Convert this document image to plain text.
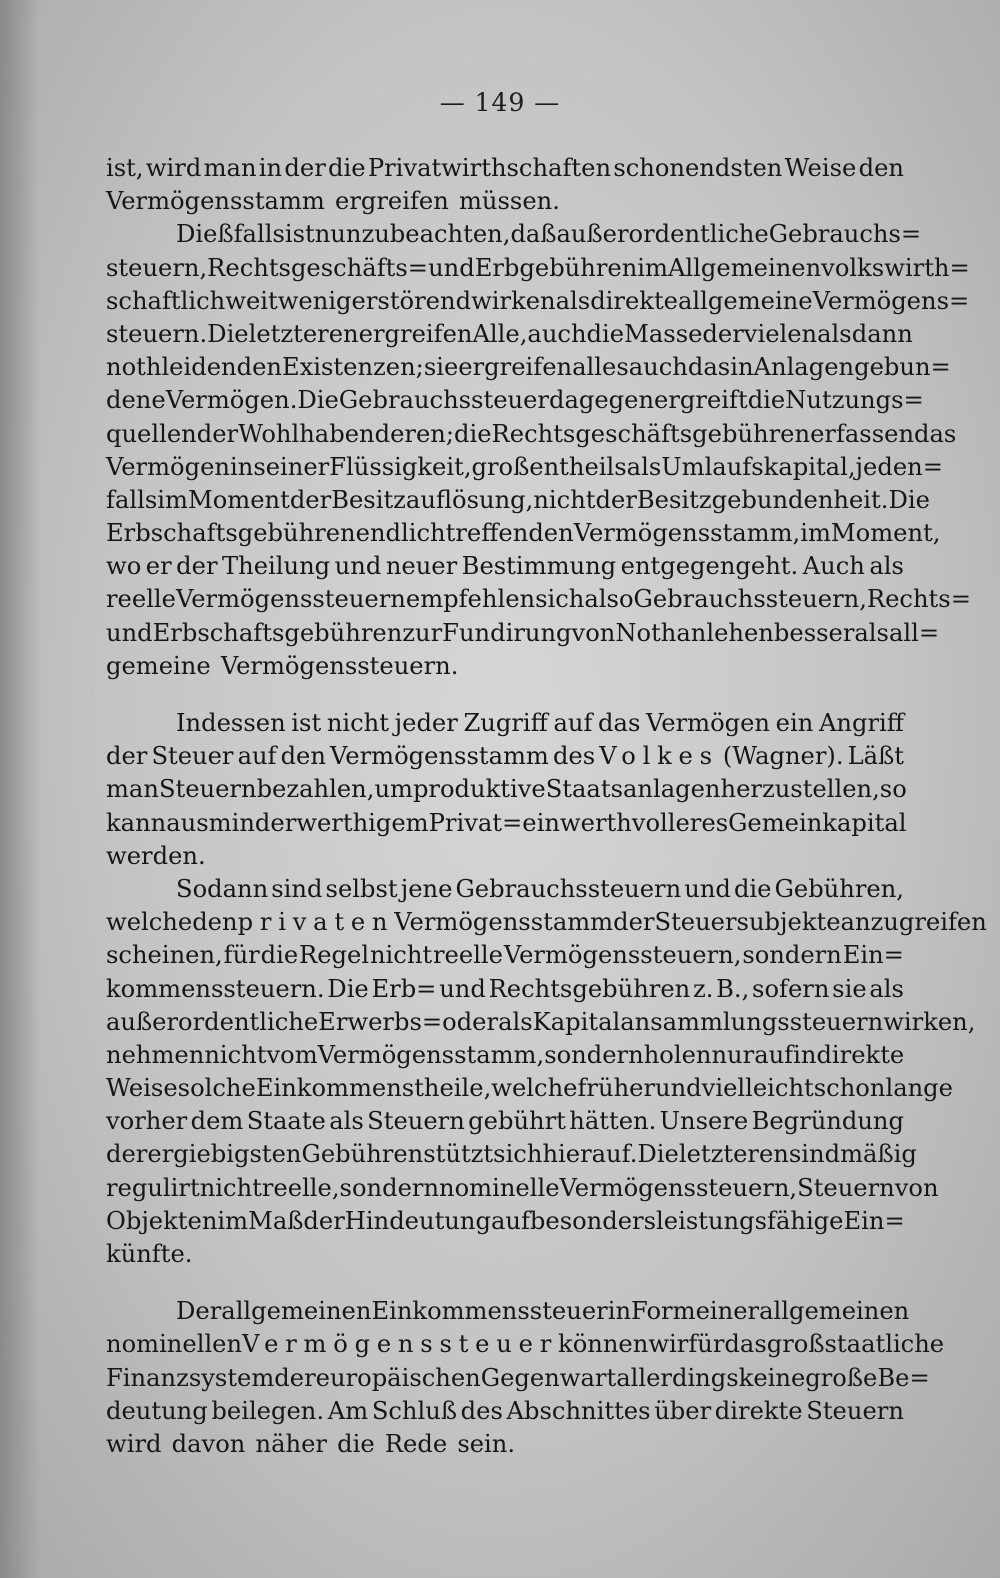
— 149 —
ist, wird man in der die Privatwirthschaften schonendsten Weise den
Vermögensstamm ergreifen müssen.
Dießfalls ist nun zu beachten, daß außerordentliche Gebrauchs=
steuern, Rechtsgeschäfts= und Erbgebühren im Allgemeinen volkswirth=
schaftlich weit weniger störend wirken als direkte allgemeine Vermögens=
steuern. Die letzteren ergreifen Alle, auch die Masse der vielen alsdann
nothleidenden Existenzen; sie ergreifen alles auch das in Anlagen gebun=
dene Vermögen. Die Gebrauchssteuer dagegen ergreift die Nutzungs=
quellen der Wohlhabenderen; die Rechtsgeschäftsgebühren erfassen das
Vermögen in seiner Flüssigkeit, großentheils als Umlaufskapital, jeden=
falls im Moment der Besitzauflösung, nicht der Besitzgebundenheit. Die
Erbschaftsgebühren endlich treffen den Vermögensstamm, im Moment,
wo er der Theilung und neuer Bestimmung entgegengeht. Auch als
reelle Vermögenssteuern empfehlen sich also Gebrauchssteuern, Rechts=
und Erbschaftsgebühren zur Fundirung von Nothanlehen besser als all=
gemeine Vermögenssteuern.
Indessen ist nicht jeder Zugriff auf das Vermögen ein Angriff
der Steuer auf den Vermögensstamm des Volkes (Wagner). Läßt
man Steuern bezahlen, um produktive Staatsanlagen herzustellen, so
kann aus minderwerthigem Privat= ein werthvolleres Gemeinkapital
werden.
Sodann sind selbst jene Gebrauchssteuern und die Gebühren,
welche den privaten Vermögensstamm der Steuersubjekte anzugreifen
scheinen, für die Regel nicht reelle Vermögenssteuern, sondern Ein=
kommenssteuern. Die Erb= und Rechtsgebühren z. B., sofern sie als
außerordentliche Erwerbs= oder als Kapitalansammlungssteuern wirken,
nehmen nicht vom Vermögensstamm, sondern holen nur auf indirekte
Weise solche Einkommenstheile, welche früher und vielleicht schon lange
vorher dem Staate als Steuern gebührt hätten. Unsere Begründung
der ergiebigsten Gebühren stützt sich hierauf. Die letzteren sind mäßig
regulirt nicht reelle, sondern nominelle Vermögenssteuern, Steuern von
Objekten im Maß der Hindeutung auf besonders leistungsfähige Ein=
künfte.
Der allgemeinen Einkommenssteuer in Form einer allgemeinen
nominellen Vermögenssteuer können wir für das großstaatliche
Finanzsystem der europäischen Gegenwart allerdings keine große Be=
deutung beilegen. Am Schluß des Abschnittes über direkte Steuern
wird davon näher die Rede sein.
